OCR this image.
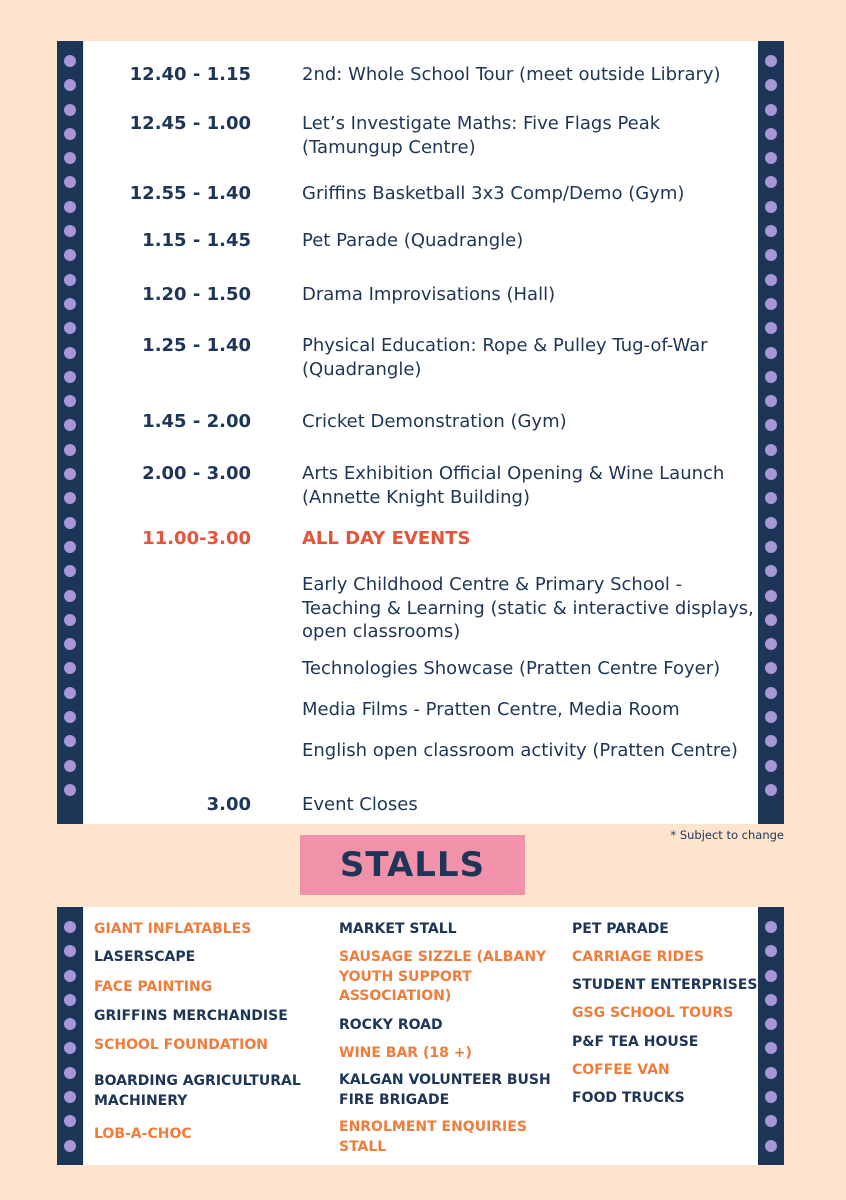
12.40 - 1.15	2nd: Whole School Tour (meet outside Library)
12.45 - 1.00	Let’s Investigate Maths: Five Flags Peak (Tamungup Centre)
12.55 - 1.40	Griffins Basketball 3x3 Comp/Demo (Gym)
1.15 - 1.45	Pet Parade (Quadrangle)
1.20 - 1.50	Drama Improvisations (Hall)
1.25 - 1.40	Physical Education: Rope & Pulley Tug-of-War (Quadrangle)
1.45 - 2.00	Cricket Demonstration (Gym)
2.00 - 3.00	Arts Exhibition Official Opening & Wine Launch (Annette Knight Building)
11.00-3.00	ALL DAY EVENTS
Early Childhood Centre & Primary School - Teaching & Learning (static & interactive displays, open classrooms)
Technologies Showcase (Pratten Centre Foyer)
Media Films - Pratten Centre, Media Room
English open classroom activity (Pratten Centre)
3.00	Event Closes
* Subject to change
STALLS
GIANT INFLATABLES
LASERSCAPE
FACE PAINTING
GRIFFINS MERCHANDISE
SCHOOL FOUNDATION
BOARDING AGRICULTURAL
MACHINERY
LOB-A-CHOC
MARKET STALL
SAUSAGE SIZZLE (ALBANY
YOUTH SUPPORT
ASSOCIATION)
ROCKY ROAD
WINE BAR (18 +)
KALGAN VOLUNTEER BUSH
FIRE BRIGADE
ENROLMENT ENQUIRIES
STALL
PET PARADE
CARRIAGE RIDES
STUDENT ENTERPRISES
GSG SCHOOL TOURS
P&F TEA HOUSE
COFFEE VAN
FOOD TRUCKS
